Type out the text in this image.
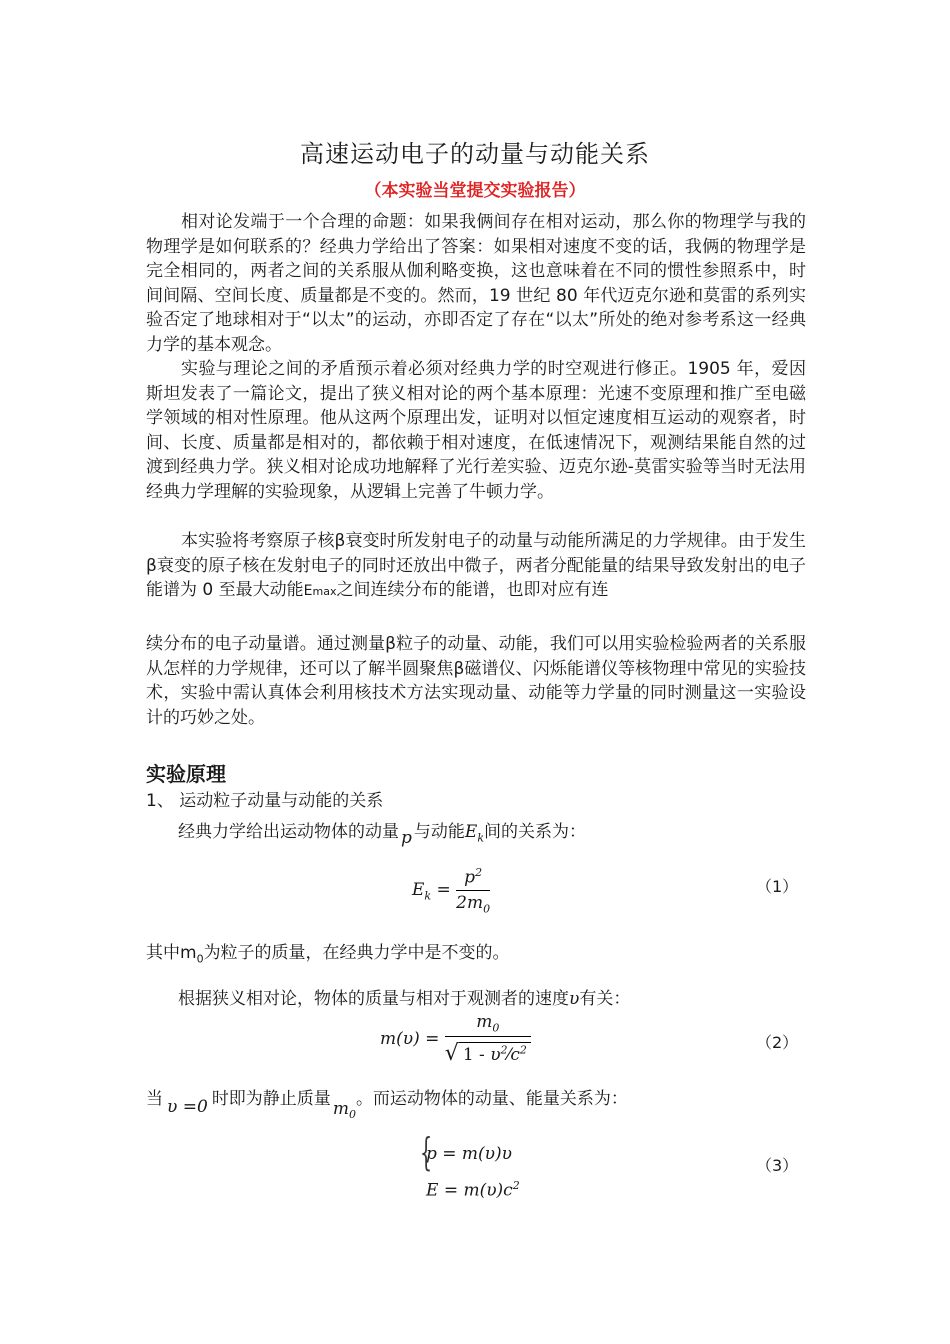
高速运动电子的动量与动能关系
（本实验当堂提交实验报告）

相对论发端于一个合理的命题：如果我俩间存在相对运动，那么你的物理学与我的物理学是如何联系的？经典力学给出了答案：如果相对速度不变的话，我俩的物理学是完全相同的，两者之间的关系服从伽利略变换，这也意味着在不同的惯性参照系中，时间间隔、空间长度、质量都是不变的。然而，19 世纪 80 年代迈克尔逊和莫雷的系列实验否定了地球相对于“以太”的运动，亦即否定了存在“以太”所处的绝对参考系这一经典力学的基本观念。

实验与理论之间的矛盾预示着必须对经典力学的时空观进行修正。1905 年，爱因斯坦发表了一篇论文，提出了狭义相对论的两个基本原理：光速不变原理和推广至电磁学领域的相对性原理。他从这两个原理出发，证明对以恒定速度相互运动的观察者，时间、长度、质量都是相对的，都依赖于相对速度，在低速情况下，观测结果能自然的过渡到经典力学。狭义相对论成功地解释了光行差实验、迈克尔逊-莫雷实验等当时无法用经典力学理解的实验现象，从逻辑上完善了牛顿力学。

本实验将考察原子核β衰变时所发射电子的动量与动能所满足的力学规律。由于发生β衰变的原子核在发射电子的同时还放出中微子，两者分配能量的结果导致发射出的电子能谱为 0 至最大动能Emax之间连续分布的能谱，也即对应有连

续分布的电子动量谱。通过测量β粒子的动量、动能，我们可以用实验检验两者的关系服从怎样的力学规律，还可以了解半圆聚焦β磁谱仪、闪烁能谱仪等核物理中常见的实验技术，实验中需认真体会利用核技术方法实现动量、动能等力学量的同时测量这一实验设计的巧妙之处。

实验原理
1、 运动粒子动量与动能的关系
经典力学给出运动物体的动量 p 与动能$E_k$间的关系为：
$E_k = \frac{p^2}{2m_0}$	（1）
其中$m_0$为粒子的质量，在经典力学中是不变的。
根据狭义相对论，物体的质量与相对于观测者的速度υ有关：
$m(\upsilon) = \frac{m_0}{√ 1 - \upsilon^2⁄c^2}$	（2）
当 υ =0 时即为静止质量 $m_0$。而运动物体的动量、能量关系为：
{
p = m(υ)υ
$E = m(\upsilon)c^2$
（3）
